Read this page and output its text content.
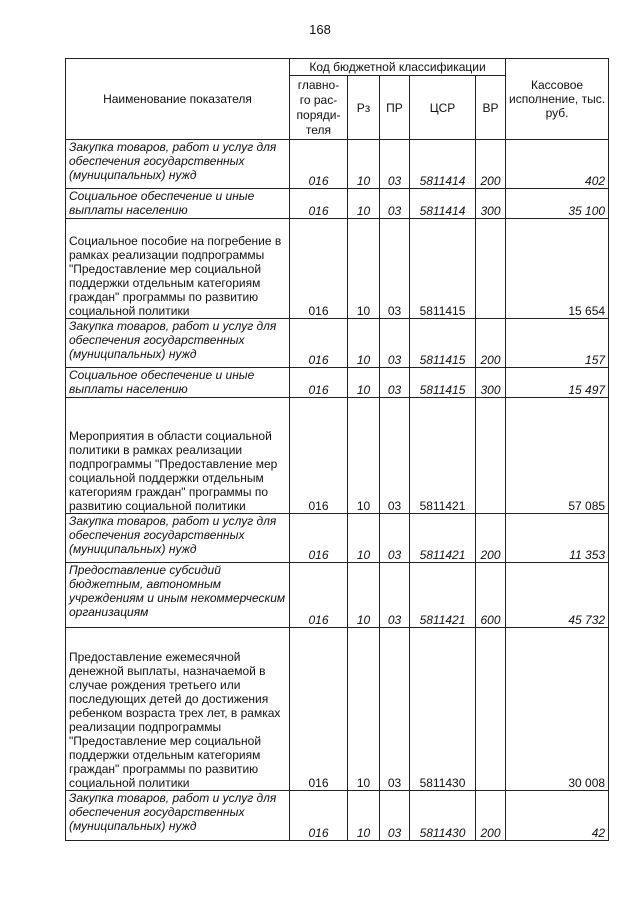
168
Наименование показателя	Код бюджетной классификации					Кассовое исполнение, тыс. руб.
	главно-
го рас-
поряди-
теля	Рз	ПР	ЦСР	ВР	
Закупка товаров, работ и услуг для обеспечения государственных (муниципальных) нужд	016	10	03	5811414	200	402
Социальное обеспечение и иные выплаты населению	016	10	03	5811414	300	35 100
Социальное пособие на погребение в рамках реализации подпрограммы "Предоставление мер социальной поддержки отдельным категориям граждан" программы по развитию социальной политики	016	10	03	5811415		15 654
Закупка товаров, работ и услуг для обеспечения государственных (муниципальных) нужд	016	10	03	5811415	200	157
Социальное обеспечение и иные выплаты населению	016	10	03	5811415	300	15 497
Мероприятия в области социальной политики в рамках реализации подпрограммы "Предоставление мер социальной поддержки отдельным категориям граждан" программы по развитию социальной политики	016	10	03	5811421		57 085
Закупка товаров, работ и услуг для обеспечения государственных (муниципальных) нужд	016	10	03	5811421	200	11 353
Предоставление субсидий бюджетным, автономным учреждениям и иным некоммерческим организациям	016	10	03	5811421	600	45 732
Предоставление ежемесячной денежной выплаты, назначаемой в случае рождения третьего или последующих детей до достижения ребенком возраста трех лет, в рамках реализации подпрограммы "Предоставление мер социальной поддержки отдельным категориям граждан" программы по развитию социальной политики	016	10	03	5811430		30 008
Закупка товаров, работ и услуг для обеспечения государственных (муниципальных) нужд	016	10	03	5811430	200	42
